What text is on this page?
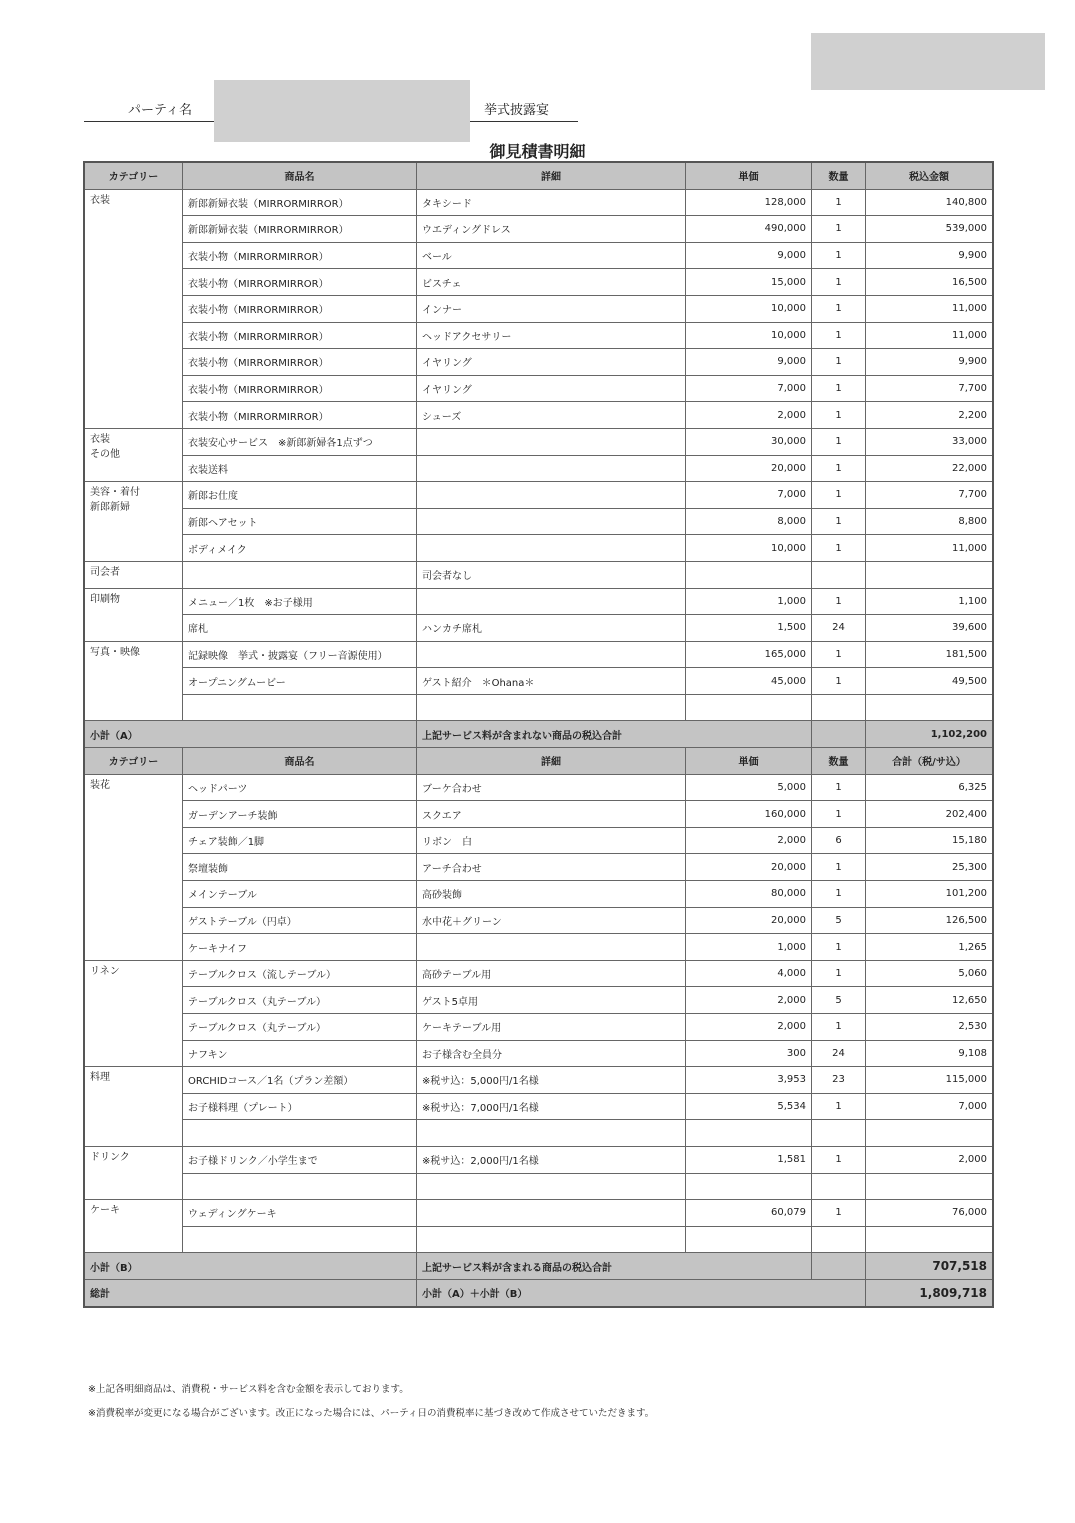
パーティ名	挙式披露宴
御見積書明細
カテゴリー	商品名	詳細	単価	数量	税込金額
衣装	新郎新婦衣装（MIRRORMIRROR）	タキシード	128,000	1	140,800
	新郎新婦衣装（MIRRORMIRROR）	ウエディングドレス	490,000	1	539,000
	衣装小物（MIRRORMIRROR）	ベール	9,000	1	9,900
	衣装小物（MIRRORMIRROR）	ビスチェ	15,000	1	16,500
	衣装小物（MIRRORMIRROR）	インナー	10,000	1	11,000
	衣装小物（MIRRORMIRROR）	ヘッドアクセサリー	10,000	1	11,000
	衣装小物（MIRRORMIRROR）	イヤリング	9,000	1	9,900
	衣装小物（MIRRORMIRROR）	イヤリング	7,000	1	7,700
	衣装小物（MIRRORMIRROR）	シューズ	2,000	1	2,200
衣装
その他	衣装安心サービス　※新郎新婦各1点ずつ		30,000	1	33,000
	衣装送料		20,000	1	22,000
美容・着付
新郎新婦	新郎お仕度		7,000	1	7,700
	新郎ヘアセット		8,000	1	8,800
	ボディメイク		10,000	1	11,000
司会者		司会者なし			
印刷物	メニュー／1枚　※お子様用		1,000	1	1,100
	席札	ハンカチ席札	1,500	24	39,600
写真・映像	記録映像　挙式・披露宴（フリー音源使用）		165,000	1	181,500
	オープニングムービー	ゲスト紹介　＊Ohana＊	45,000	1	49,500

小計（A）		上記サービス料が含まれない商品の税込合計			1,102,200
カテゴリー	商品名	詳細	単価	数量	合計（税/サ込）
装花	ヘッドパーツ	ブーケ合わせ	5,000	1	6,325
	ガーデンアーチ装飾	スクエア	160,000	1	202,400
	チェア装飾／1脚	リボン　白	2,000	6	15,180
	祭壇装飾	アーチ合わせ	20,000	1	25,300
	メインテーブル	高砂装飾	80,000	1	101,200
	ゲストテーブル（円卓）	水中花＋グリーン	20,000	5	126,500
	ケーキナイフ		1,000	1	1,265
リネン	テーブルクロス（流しテーブル）	高砂テーブル用	4,000	1	5,060
	テーブルクロス（丸テーブル）	ゲスト5卓用	2,000	5	12,650
	テーブルクロス（丸テーブル）	ケーキテーブル用	2,000	1	2,530
	ナフキン	お子様含む全員分	300	24	9,108
料理	ORCHIDコース／1名（プラン差額）	※税サ込：5,000円/1名様	3,953	23	115,000
	お子様料理（プレート）	※税サ込：7,000円/1名様	5,534	1	7,000

ドリンク	お子様ドリンク／小学生まで	※税サ込：2,000円/1名様	1,581	1	2,000

ケーキ	ウェディングケーキ		60,079	1	76,000

小計（B）		上記サービス料が含まれる商品の税込合計			707,518
総計		小計（A）＋小計（B）			1,809,718
※上記各明細商品は、消費税・サービス料を含む金額を表示しております。
※消費税率が変更になる場合がございます。改正になった場合には、パーティ日の消費税率に基づき改めて作成させていただきます。
